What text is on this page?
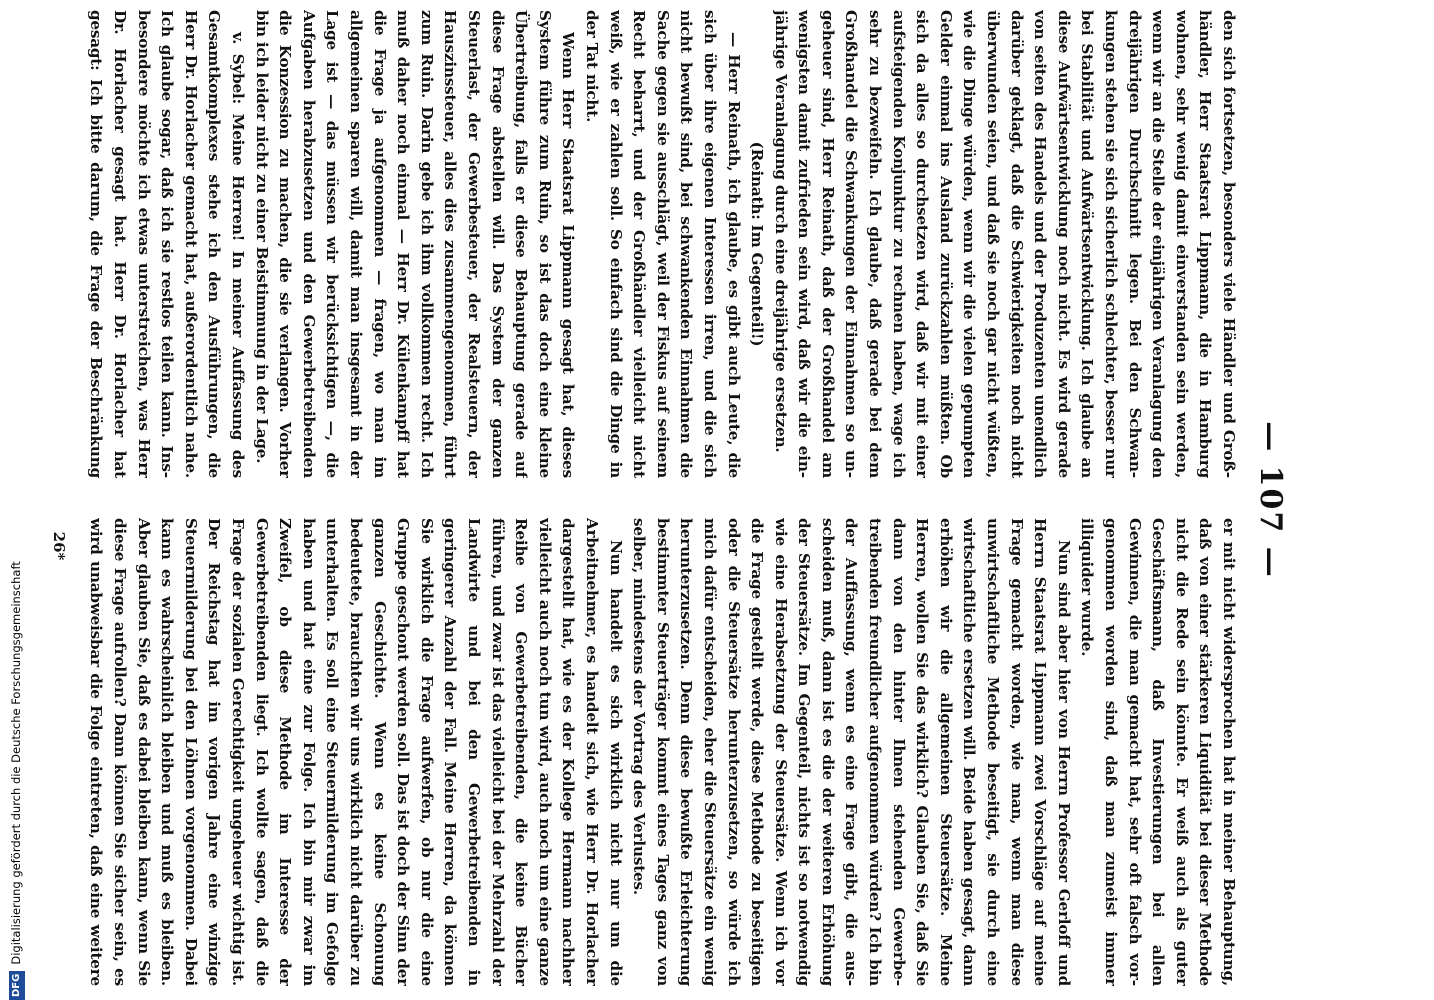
— 107 —

den sich fortsetzen, besonders viele Händler und Großhändler, Herr Staatsrat Lippmann, die in Hamburg wohnen, sehr wenig damit einverstanden sein werden, wenn wir an die Stelle der einjährigen Veranlagung den dreijährigen Durchschnitt legen. Bei den Schwankungen stehen sie sich sicherlich schlechter, besser nur bei Stabilität und Aufwärtsentwicklung. Ich glaube an diese Aufwärtsentwicklung noch nicht. Es wird gerade von seiten des Handels und der Produzenten unendlich darüber geklagt, daß die Schwierigkeiten noch nicht überwunden seien, und daß sie noch gar nicht wüßten, wie die Dinge würden, wenn wir die vielen gepumpten Gelder einmal ins Ausland zurückzahlen müßten. Ob sich da alles so durchsetzen wird, daß wir mit einer aufsteigenden Konjunktur zu rechnen haben, wage ich sehr zu bezweifeln. Ich glaube, daß gerade bei dem Großhandel die Schwankungen der Einnahmen so ungeheuer sind, Herr Reinath, daß der Großhandel am wenigsten damit zufrieden sein wird, daß wir die einjährige Veranlagung durch eine dreijährige ersetzen.

(Reinath: Im Gegenteil!)

— Herr Reinath, ich glaube, es gibt auch Leute, die sich über ihre eigenen Interessen irren, und die sich nicht bewußt sind, bei schwankenden Einnahmen die Sache gegen sie ausschlägt, weil der Fiskus auf seinem Recht beharrt, und der Großhändler vielleicht nicht weiß, wie er zahlen soll. So einfach sind die Dinge in der Tat nicht.

Wenn Herr Staatsrat Lippmann gesagt hat, dieses System führe zum Ruin, so ist das doch eine kleine Übertreibung, falls er diese Behauptung gerade auf diese Frage abstellen will. Das System der ganzen Steuerlast, der Gewerbesteuer, der Realsteuern, der Hauszinssteuer, alles dies zusammengenommen, führt zum Ruin. Darin gebe ich ihm vollkommen recht. Ich muß daher noch einmal — Herr Dr. Külenkampff hat die Frage ja aufgenommen — fragen, wo man im allgemeinen sparen will, damit man insgesamt in der Lage ist — das müssen wir berücksichtigen —, die Aufgaben herabzusetzen und den Gewerbetreibenden die Konzession zu machen, die sie verlangen. Vorher bin ich leider nicht zu einer Beistimmung in der Lage.

v. Sybel: Meine Herren! In meiner Auffassung des Gesamtkomplexes stehe ich den Ausführungen, die Herr Dr. Horlacher gemacht hat, außerordentlich nahe. Ich glaube sogar, daß ich sie restlos teilen kann. Insbesondere möchte ich etwas unterstreichen, was Herr Dr. Horlacher gesagt hat. Herr Dr. Horlacher hat gesagt: Ich bitte darum, die Frage der Beschränkung

er mit nicht widersprochen hat in meiner Behauptung, daß von einer stärkeren Liquidität bei dieser Methode nicht die Rede sein könnte. Er weiß auch als guter Geschäftsmann, daß Investierungen bei allen Gewinnen, die man gemacht hat, sehr oft falsch vorgenommen worden sind, daß man zumeist immer illiquider wurde.

Nun sind aber hier von Herrn Professor Gerloff und Herrn Staatsrat Lippmann zwei Vorschläge auf meine Frage gemacht worden, wie man, wenn man diese unwirtschaftliche Methode beseitigt, sie durch eine wirtschaftliche ersetzen will. Beide haben gesagt, dann erhöhen wir die allgemeinen Steuersätze. Meine Herren, wollen Sie das wirklich? Glauben Sie, daß Sie dann von den hinter Ihnen stehenden Gewerbetreibenden freundlicher aufgenommen würden? Ich bin der Auffassung, wenn es eine Frage gibt, die ausscheiden muß, dann ist es die der weiteren Erhöhung der Steuersätze. Im Gegenteil, nichts ist so notwendig wie eine Herabsetzung der Steuersätze. Wenn ich vor die Frage gestellt werde, diese Methode zu beseitigen oder die Steuersätze herunterzusetzen, so würde ich mich dafür entscheiden, eher die Steuersätze ein wenig herunterzusetzen. Denn diese bewußte Erleichterung bestimmter Steuerträger kommt eines Tages ganz von selber, mindestens der Vortrag des Verlustes.

Nun handelt es sich wirklich nicht nur um die Arbeitnehmer, es handelt sich, wie Herr Dr. Horlacher dargestellt hat, wie es der Kollege Hermann nachher vielleicht auch noch tun wird, auch noch um eine ganze Reihe von Gewerbetreibenden, die keine Bücher führen, und zwar ist das vielleicht bei der Mehrzahl der Landwirte und bei den Gewerbetreibenden in geringerer Anzahl der Fall. Meine Herren, da können Sie wirklich die Frage aufwerfen, ob nur die eine Gruppe geschont werden soll. Das ist doch der Sinn der ganzen Geschichte. Wenn es keine Schonung bedeutete, brauchten wir uns wirklich nicht darüber zu unterhalten. Es soll eine Steuermilderung im Gefolge haben und hat eine zur Folge. Ich bin mir zwar im Zweifel, ob diese Methode im Interesse der Gewerbetreibenden liegt. Ich wollte sagen, daß die Frage der sozialen Gerechtigkeit ungeheuer wichtig ist. Der Reichstag hat im vorigen Jahre eine winzige Steuermilderung bei den Löhnen vorgenommen. Dabei kann es wahrscheinlich bleiben und muß es bleiben. Aber glauben Sie, daß es dabei bleiben kann, wenn Sie diese Frage aufrollen? Dann können Sie sicher sein, es wird unabweisbar die Folge eintreten, daß eine weitere

26*
DFGDigitalisierung gefördert durch die Deutsche Forschungsgemeinschaft
